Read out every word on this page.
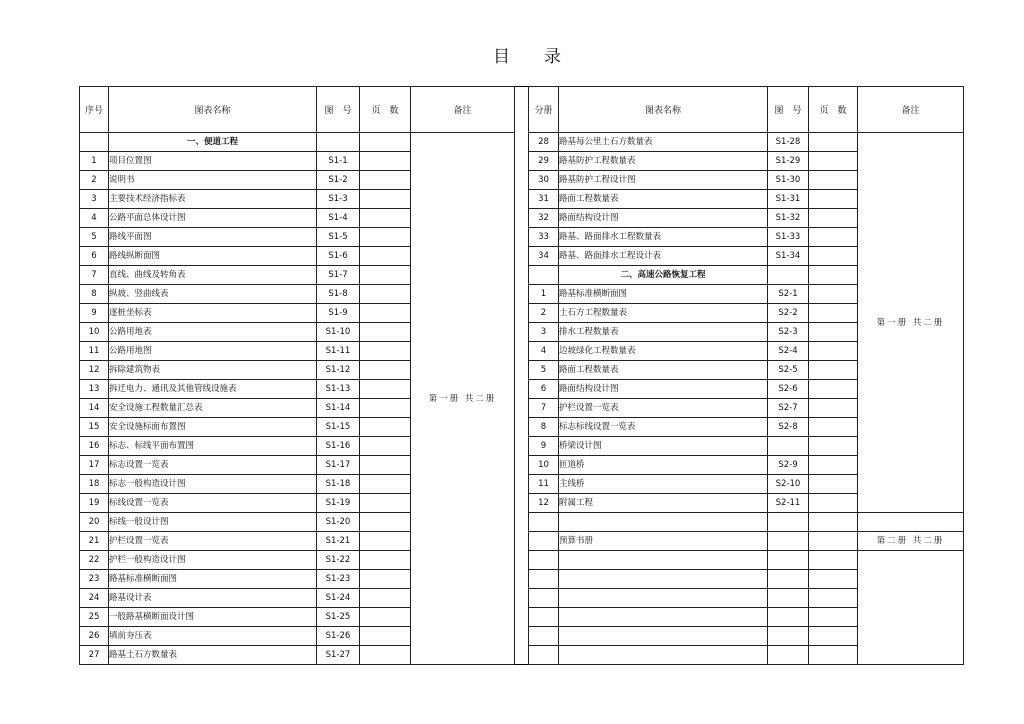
目　　录
序号	图表名称	图　号	页　数	备注
	一、便道工程			第一册 共二册
1	项目位置图	S1-1		
2	说明书	S1-2		
3	主要技术经济指标表	S1-3		
4	公路平面总体设计图	S1-4		
5	路线平面图	S1-5		
6	路线纵断面图	S1-6		
7	直线、曲线及转角表	S1-7		
8	纵坡、竖曲线表	S1-8		
9	逐桩坐标表	S1-9		
10	公路用地表	S1-10		
11	公路用地图	S1-11		
12	拆除建筑物表	S1-12		
13	拆迁电力、通讯及其他管线设施表	S1-13		
14	安全设施工程数量汇总表	S1-14		
15	安全设施标面布置图	S1-15		
16	标志、标线平面布置图	S1-16		
17	标志设置一览表	S1-17		
18	标志一般构造设计图	S1-18		
19	标线设置一览表	S1-19		
20	标线一般设计图	S1-20		
21	护栏设置一览表	S1-21		
22	护栏一般构造设计图	S1-22		
23	路基标准横断面图	S1-23		
24	路基设计表	S1-24		
25	一般路基横断面设计图	S1-25		
26	填前夯压表	S1-26		
27	路基土石方数量表	S1-27		
分册	图表名称	图　号	页　数	备注
28	路基每公里土石方数量表	S1-28		第一册 共二册
29	路基防护工程数量表	S1-29		
30	路基防护工程设计图	S1-30		
31	路面工程数量表	S1-31		
32	路面结构设计图	S1-32		
33	路基、路面排水工程数量表	S1-33		
34	路基、路面排水工程设计表	S1-34		
	二、高速公路恢复工程			
1	路基标准横断面图	S2-1		
2	土石方工程数量表	S2-2		
3	排水工程数量表	S2-3		
4	边坡绿化工程数量表	S2-4		
5	路面工程数量表	S2-5		
6	路面结构设计图	S2-6		
7	护栏设置一览表	S2-7		
8	标志标线设置一览表	S2-8		
9	桥梁设计图			
10	匝道桥	S2-9		
11	主线桥	S2-10		
12	附属工程	S2-11		

	预算书册			第二册 共二册
